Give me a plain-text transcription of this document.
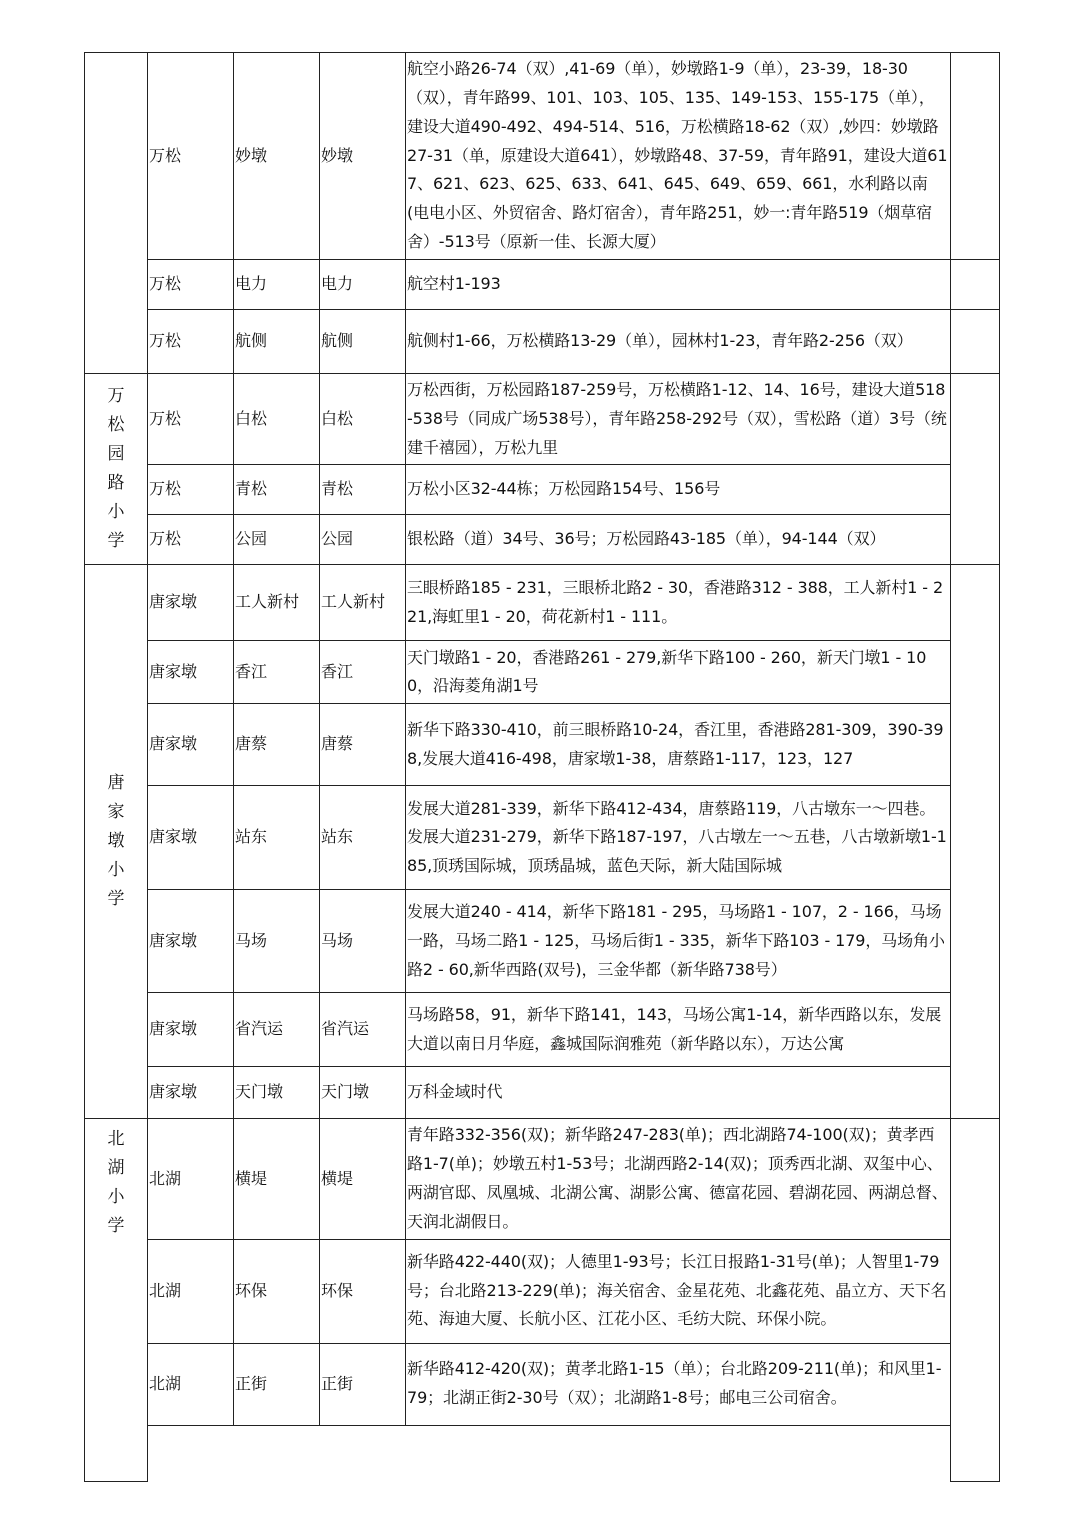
	万松	妙墩	妙墩	航空小路26-74（双）,41-69（单），妙墩路1-9（单），23-39，18-30（双），青年路99、101、103、105、135、149-153、155-175（单），建设大道490-492、494-514、516，万松横路18-62（双）,妙四：妙墩路27-31（单，原建设大道641），妙墩路48、37-59，青年路91，建设大道617、621、623、625、633、641、645、649、659、661，水利路以南(电电小区、外贸宿舍、路灯宿舍），青年路251，妙一:青年路519（烟草宿舍）-513号（原新一佳、长源大厦）	
	万松	电力	电力	航空村1-193	
	万松	航侧	航侧	航侧村1-66，万松横路13-29（单），园林村1-23，青年路2-256（双）	

万松园路小学	万松	白松	白松	万松西街，万松园路187-259号，万松横路1-12、14、16号，建设大道518-538号（同成广场538号），青年路258-292号（双），雪松路（道）3号（统建千禧园），万松九里	
	万松	青松	青松	万松小区32-44栋；万松园路154号、156号	
	万松	公园	公园	银松路（道）34号、36号；万松园路43-185（单），94-144（双）	

唐家墩小学	唐家墩	工人新村	工人新村	三眼桥路185 - 231，三眼桥北路2 - 30，香港路312 - 388，工人新村1 - 221,海虹里1 - 20，荷花新村1 - 111。	
	唐家墩	香江	香江	天门墩路1 - 20，香港路261 - 279,新华下路100 - 260，新天门墩1 - 100，沿海菱角湖1号	
	唐家墩	唐蔡	唐蔡	新华下路330-410，前三眼桥路10-24，香江里，香港路281-309，390-398,发展大道416-498，唐家墩1-38，唐蔡路1-117，123，127	
	唐家墩	站东	站东	发展大道281-339，新华下路412-434，唐蔡路119，八古墩东一～四巷。发展大道231-279，新华下路187-197，八古墩左一～五巷，八古墩新墩1-185,顶琇国际城，顶琇晶城，蓝色天际，新大陆国际城	
	唐家墩	马场	马场	发展大道240 - 414，新华下路181 - 295，马场路1 - 107，2 - 166，马场一路，马场二路1 - 125，马场后街1 - 335，新华下路103 - 179，马场角小路2 - 60,新华西路(双号)，三金华都（新华路738号）	
	唐家墩	省汽运	省汽运	马场路58，91，新华下路141，143，马场公寓1-14，新华西路以东，发展大道以南日月华庭，鑫城国际润雅苑（新华路以东），万达公寓	
	唐家墩	天门墩	天门墩	万科金域时代	

北湖小学	北湖	横堤	横堤	青年路332-356(双)；新华路247-283(单)；西北湖路74-100(双)；黄孝西路1-7(单)；妙墩五村1-53号；北湖西路2-14(双)；顶秀西北湖、双玺中心、两湖官邸、凤凰城、北湖公寓、湖影公寓、德富花园、碧湖花园、两湖总督、天润北湖假日。	
	北湖	环保	环保	新华路422-440(双)；人德里1-93号；长江日报路1-31号(单)；人智里1-79号；台北路213-229(单)；海关宿舍、金星花苑、北鑫花苑、晶立方、天下名苑、海迪大厦、长航小区、江花小区、毛纺大院、环保小院。	
	北湖	正街	正街	新华路412-420(双)；黄孝北路1-15（单）；台北路209-211(单)；和风里1-79；北湖正街2-30号（双）；北湖路1-8号；邮电三公司宿舍。	
